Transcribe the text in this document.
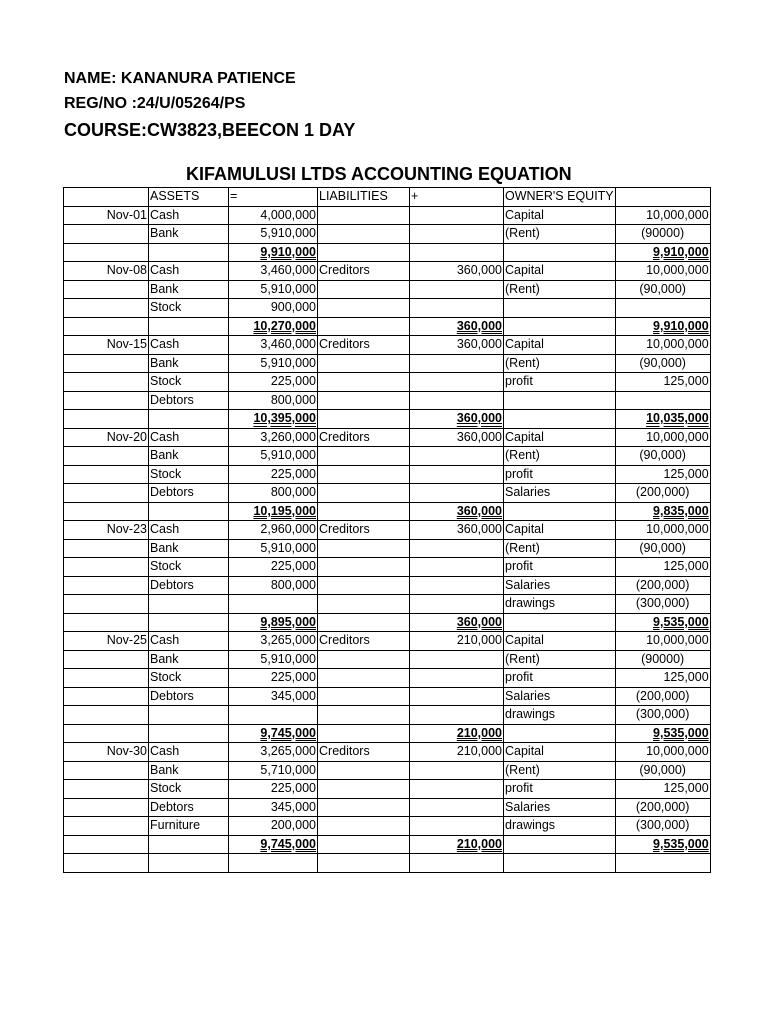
NAME: KANANURA PATIENCE
REG/NO :24/U/05264/PS
COURSE:CW3823,BEECON 1 DAY
KIFAMULUSI LTDS ACCOUNTING EQUATION
	ASSETS	=	LIABILITIES	+	OWNER'S EQUITY	
Nov-01	Cash	4,000,000			Capital	10,000,000
	Bank	5,910,000			(Rent)	(90000)
		9,910,000				9,910,000
Nov-08	Cash	3,460,000	Creditors	360,000	Capital	10,000,000
	Bank	5,910,000			(Rent)	(90,000)
	Stock	900,000				
		10,270,000		360,000		9,910,000
Nov-15	Cash	3,460,000	Creditors	360,000	Capital	10,000,000
	Bank	5,910,000			(Rent)	(90,000)
	Stock	225,000			profit	125,000
	Debtors	800,000				
		10,395,000		360,000		10,035,000
Nov-20	Cash	3,260,000	Creditors	360,000	Capital	10,000,000
	Bank	5,910,000			(Rent)	(90,000)
	Stock	225,000			profit	125,000
	Debtors	800,000			Salaries	(200,000)
		10,195,000		360,000		9,835,000
Nov-23	Cash	2,960,000	Creditors	360,000	Capital	10,000,000
	Bank	5,910,000			(Rent)	(90,000)
	Stock	225,000			profit	125,000
	Debtors	800,000			Salaries	(200,000)
					drawings	(300,000)
		9,895,000		360,000		9,535,000
Nov-25	Cash	3,265,000	Creditors	210,000	Capital	10,000,000
	Bank	5,910,000			(Rent)	(90000)
	Stock	225,000			profit	125,000
	Debtors	345,000			Salaries	(200,000)
					drawings	(300,000)
		9,745,000		210,000		9,535,000
Nov-30	Cash	3,265,000	Creditors	210,000	Capital	10,000,000
	Bank	5,710,000			(Rent)	(90,000)
	Stock	225,000			profit	125,000
	Debtors	345,000			Salaries	(200,000)
	Furniture	200,000			drawings	(300,000)
		9,745,000		210,000		9,535,000
